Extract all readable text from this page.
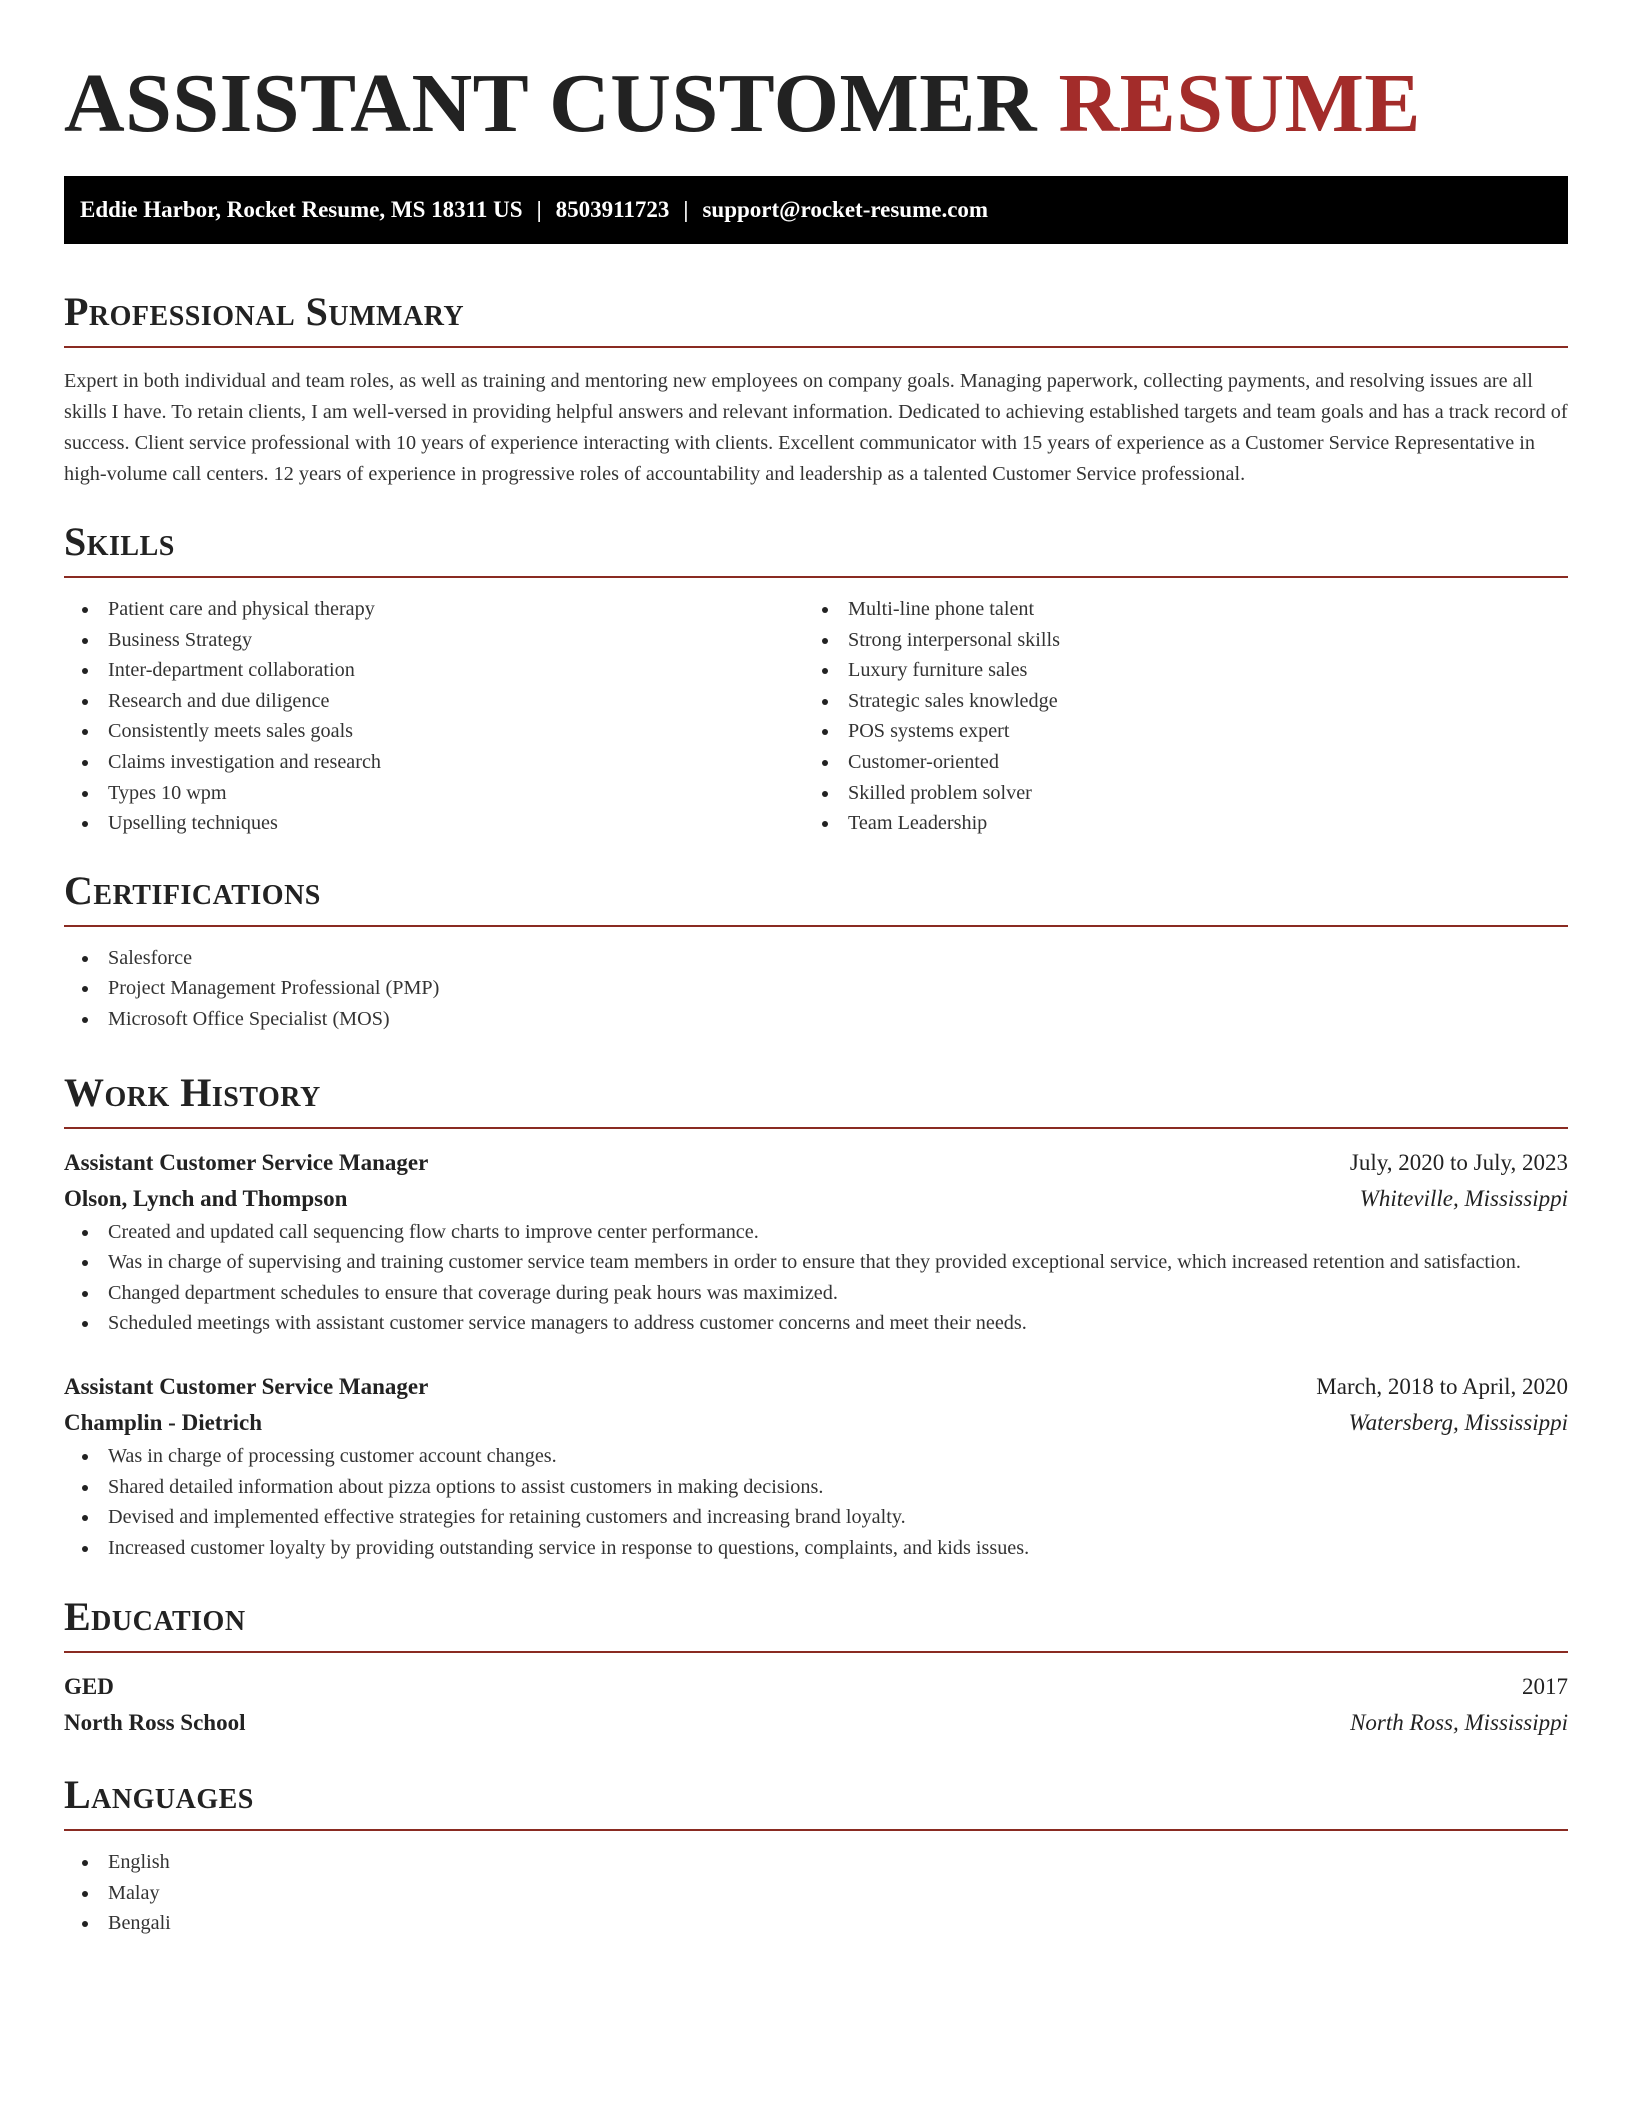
ASSISTANT CUSTOMER RESUME
Eddie Harbor, Rocket Resume, MS 18311 US | 8503911723 | support@rocket-resume.com
Professional Summary

Expert in both individual and team roles, as well as training and mentoring new employees on company goals. Managing paperwork, collecting payments, and resolving issues are all skills I have. To retain clients, I am well-versed in providing helpful answers and relevant information. Dedicated to achieving established targets and team goals and has a track record of success. Client service professional with 10 years of experience interacting with clients. Excellent communicator with 15 years of experience as a Customer Service Representative in high-volume call centers. 12 years of experience in progressive roles of accountability and leadership as a talented Customer Service professional.

Skills
Patient care and physical therapy
Business Strategy
Inter-department collaboration
Research and due diligence
Consistently meets sales goals
Claims investigation and research
Types 10 wpm
Upselling techniques
Multi-line phone talent
Strong interpersonal skills
Luxury furniture sales
Strategic sales knowledge
POS systems expert
Customer-oriented
Skilled problem solver
Team Leadership
Certifications
Salesforce
Project Management Professional (PMP)
Microsoft Office Specialist (MOS)
Work History
Assistant Customer Service Manager	July, 2020 to July, 2023
Olson, Lynch and Thompson	Whiteville, Mississippi
Created and updated call sequencing flow charts to improve center performance.
Was in charge of supervising and training customer service team members in order to ensure that they provided exceptional service, which increased retention and satisfaction.
Changed department schedules to ensure that coverage during peak hours was maximized.
Scheduled meetings with assistant customer service managers to address customer concerns and meet their needs.
Assistant Customer Service Manager	March, 2018 to April, 2020
Champlin - Dietrich	Watersberg, Mississippi
Was in charge of processing customer account changes.
Shared detailed information about pizza options to assist customers in making decisions.
Devised and implemented effective strategies for retaining customers and increasing brand loyalty.
Increased customer loyalty by providing outstanding service in response to questions, complaints, and kids issues.
Education
GED	2017
North Ross School	North Ross, Mississippi
Languages
English
Malay
Bengali
